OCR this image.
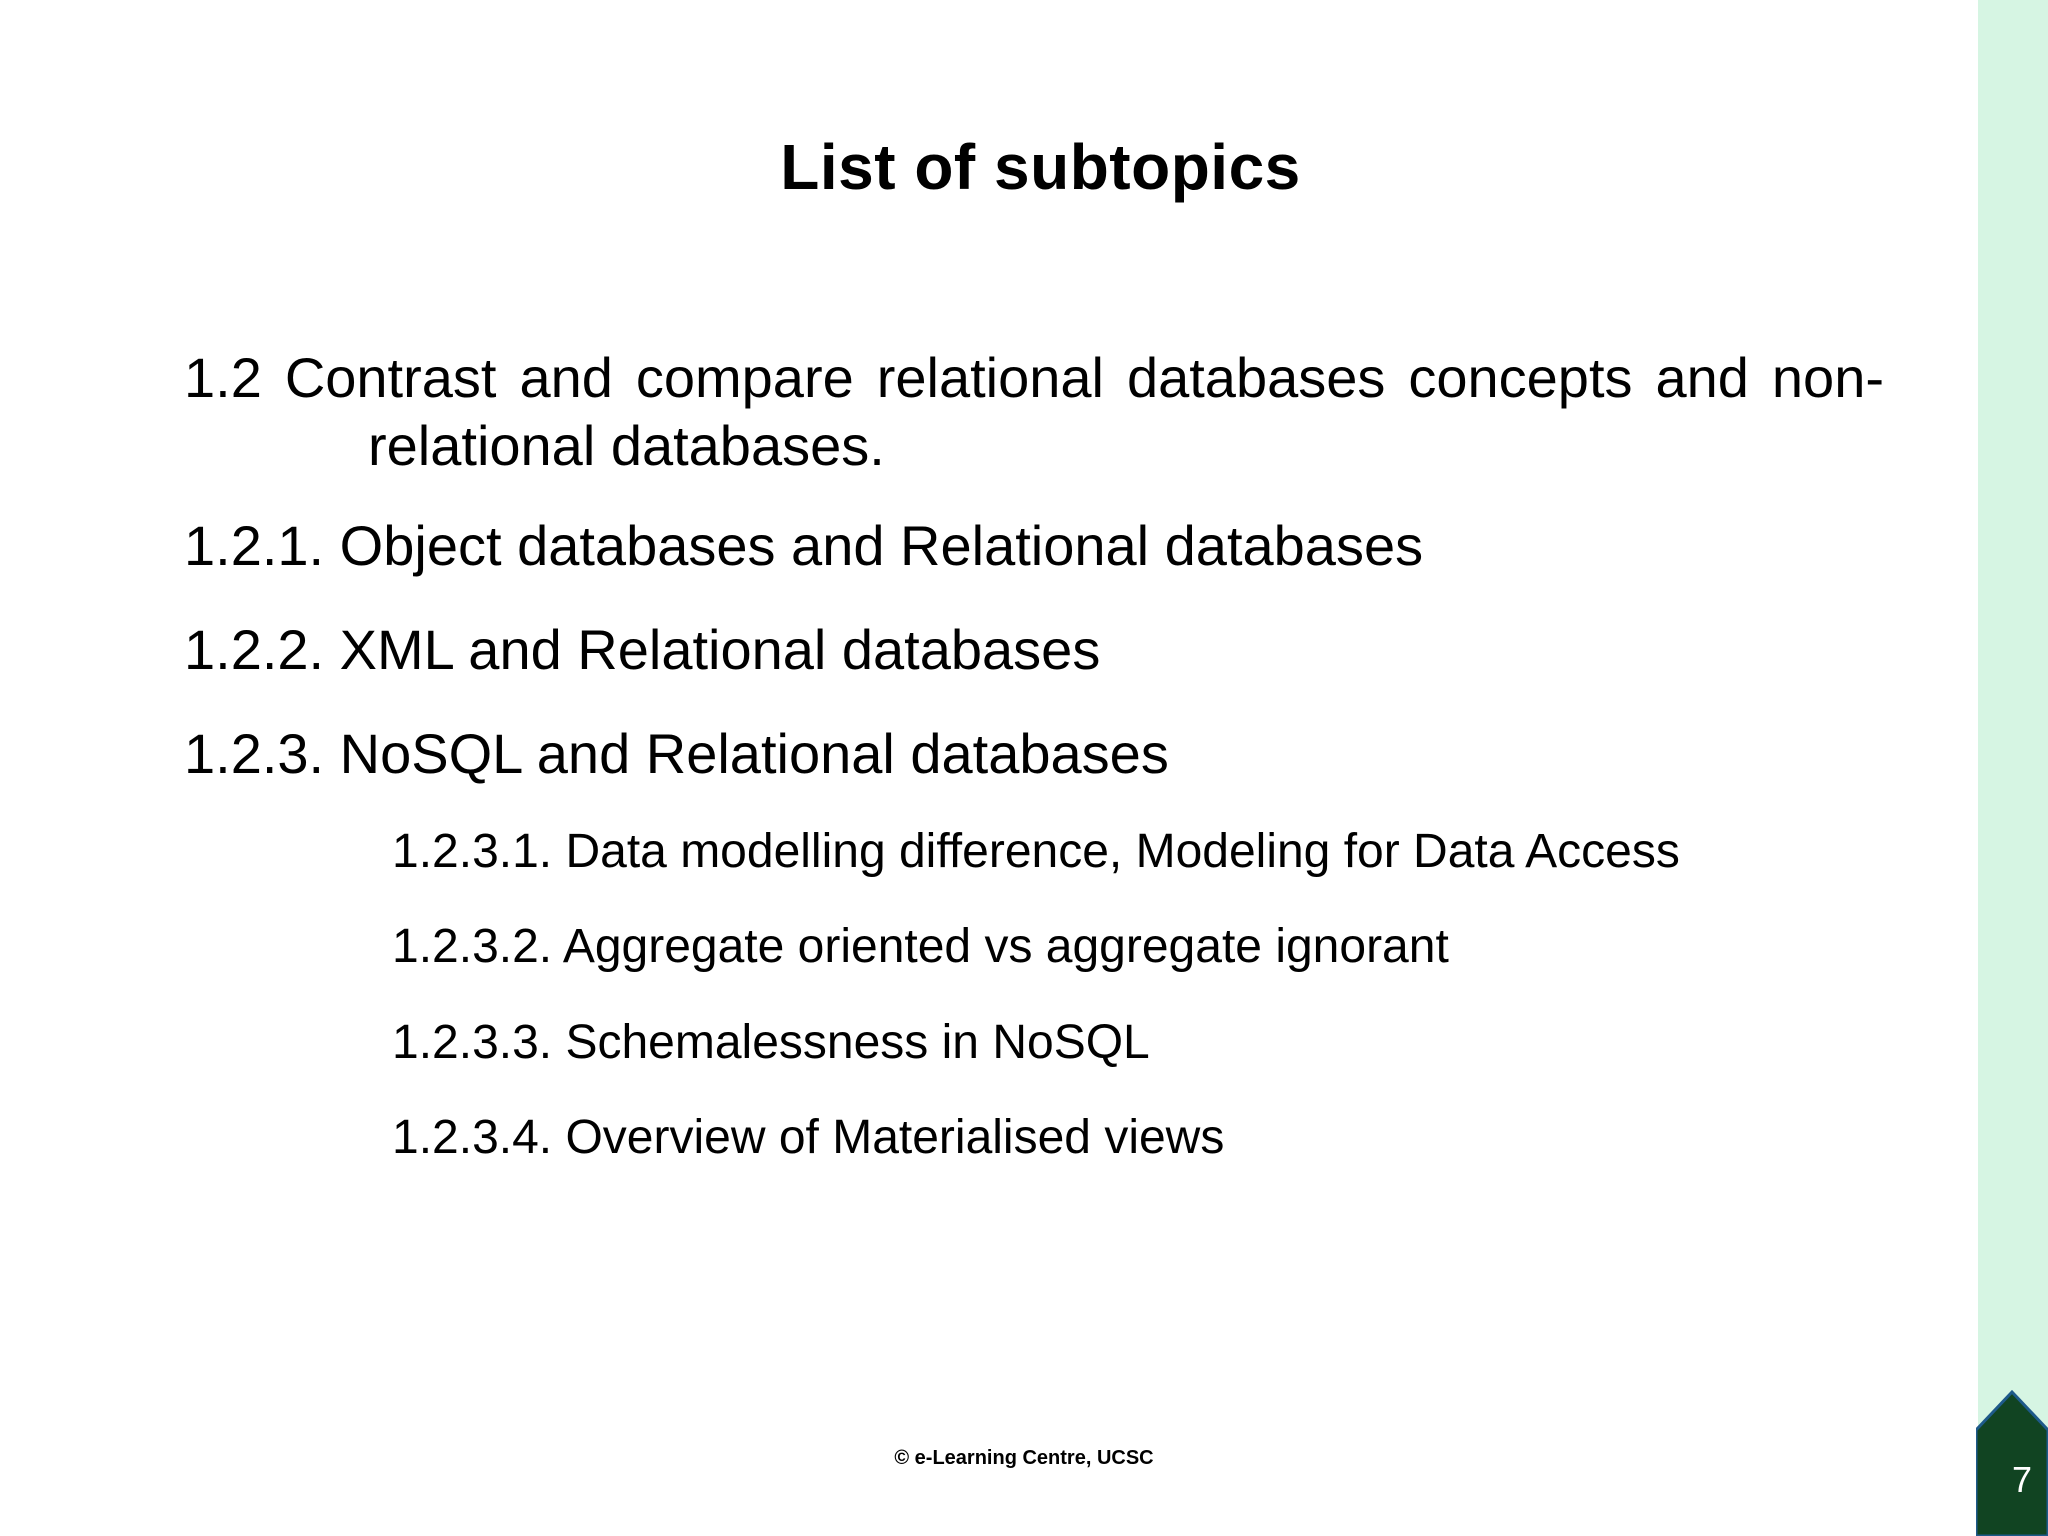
List of subtopics

1.2 Contrast and compare relational databases concepts and non-
relational databases.

1.2.1. Object databases and Relational databases

1.2.2. XML and Relational databases

1.2.3. NoSQL and Relational databases

1.2.3.1. Data modelling difference, Modeling for Data Access

1.2.3.2. Aggregate oriented vs aggregate ignorant

1.2.3.3. Schemalessness in NoSQL

1.2.3.4. Overview of Materialised views

© e-Learning Centre, UCSC
7
